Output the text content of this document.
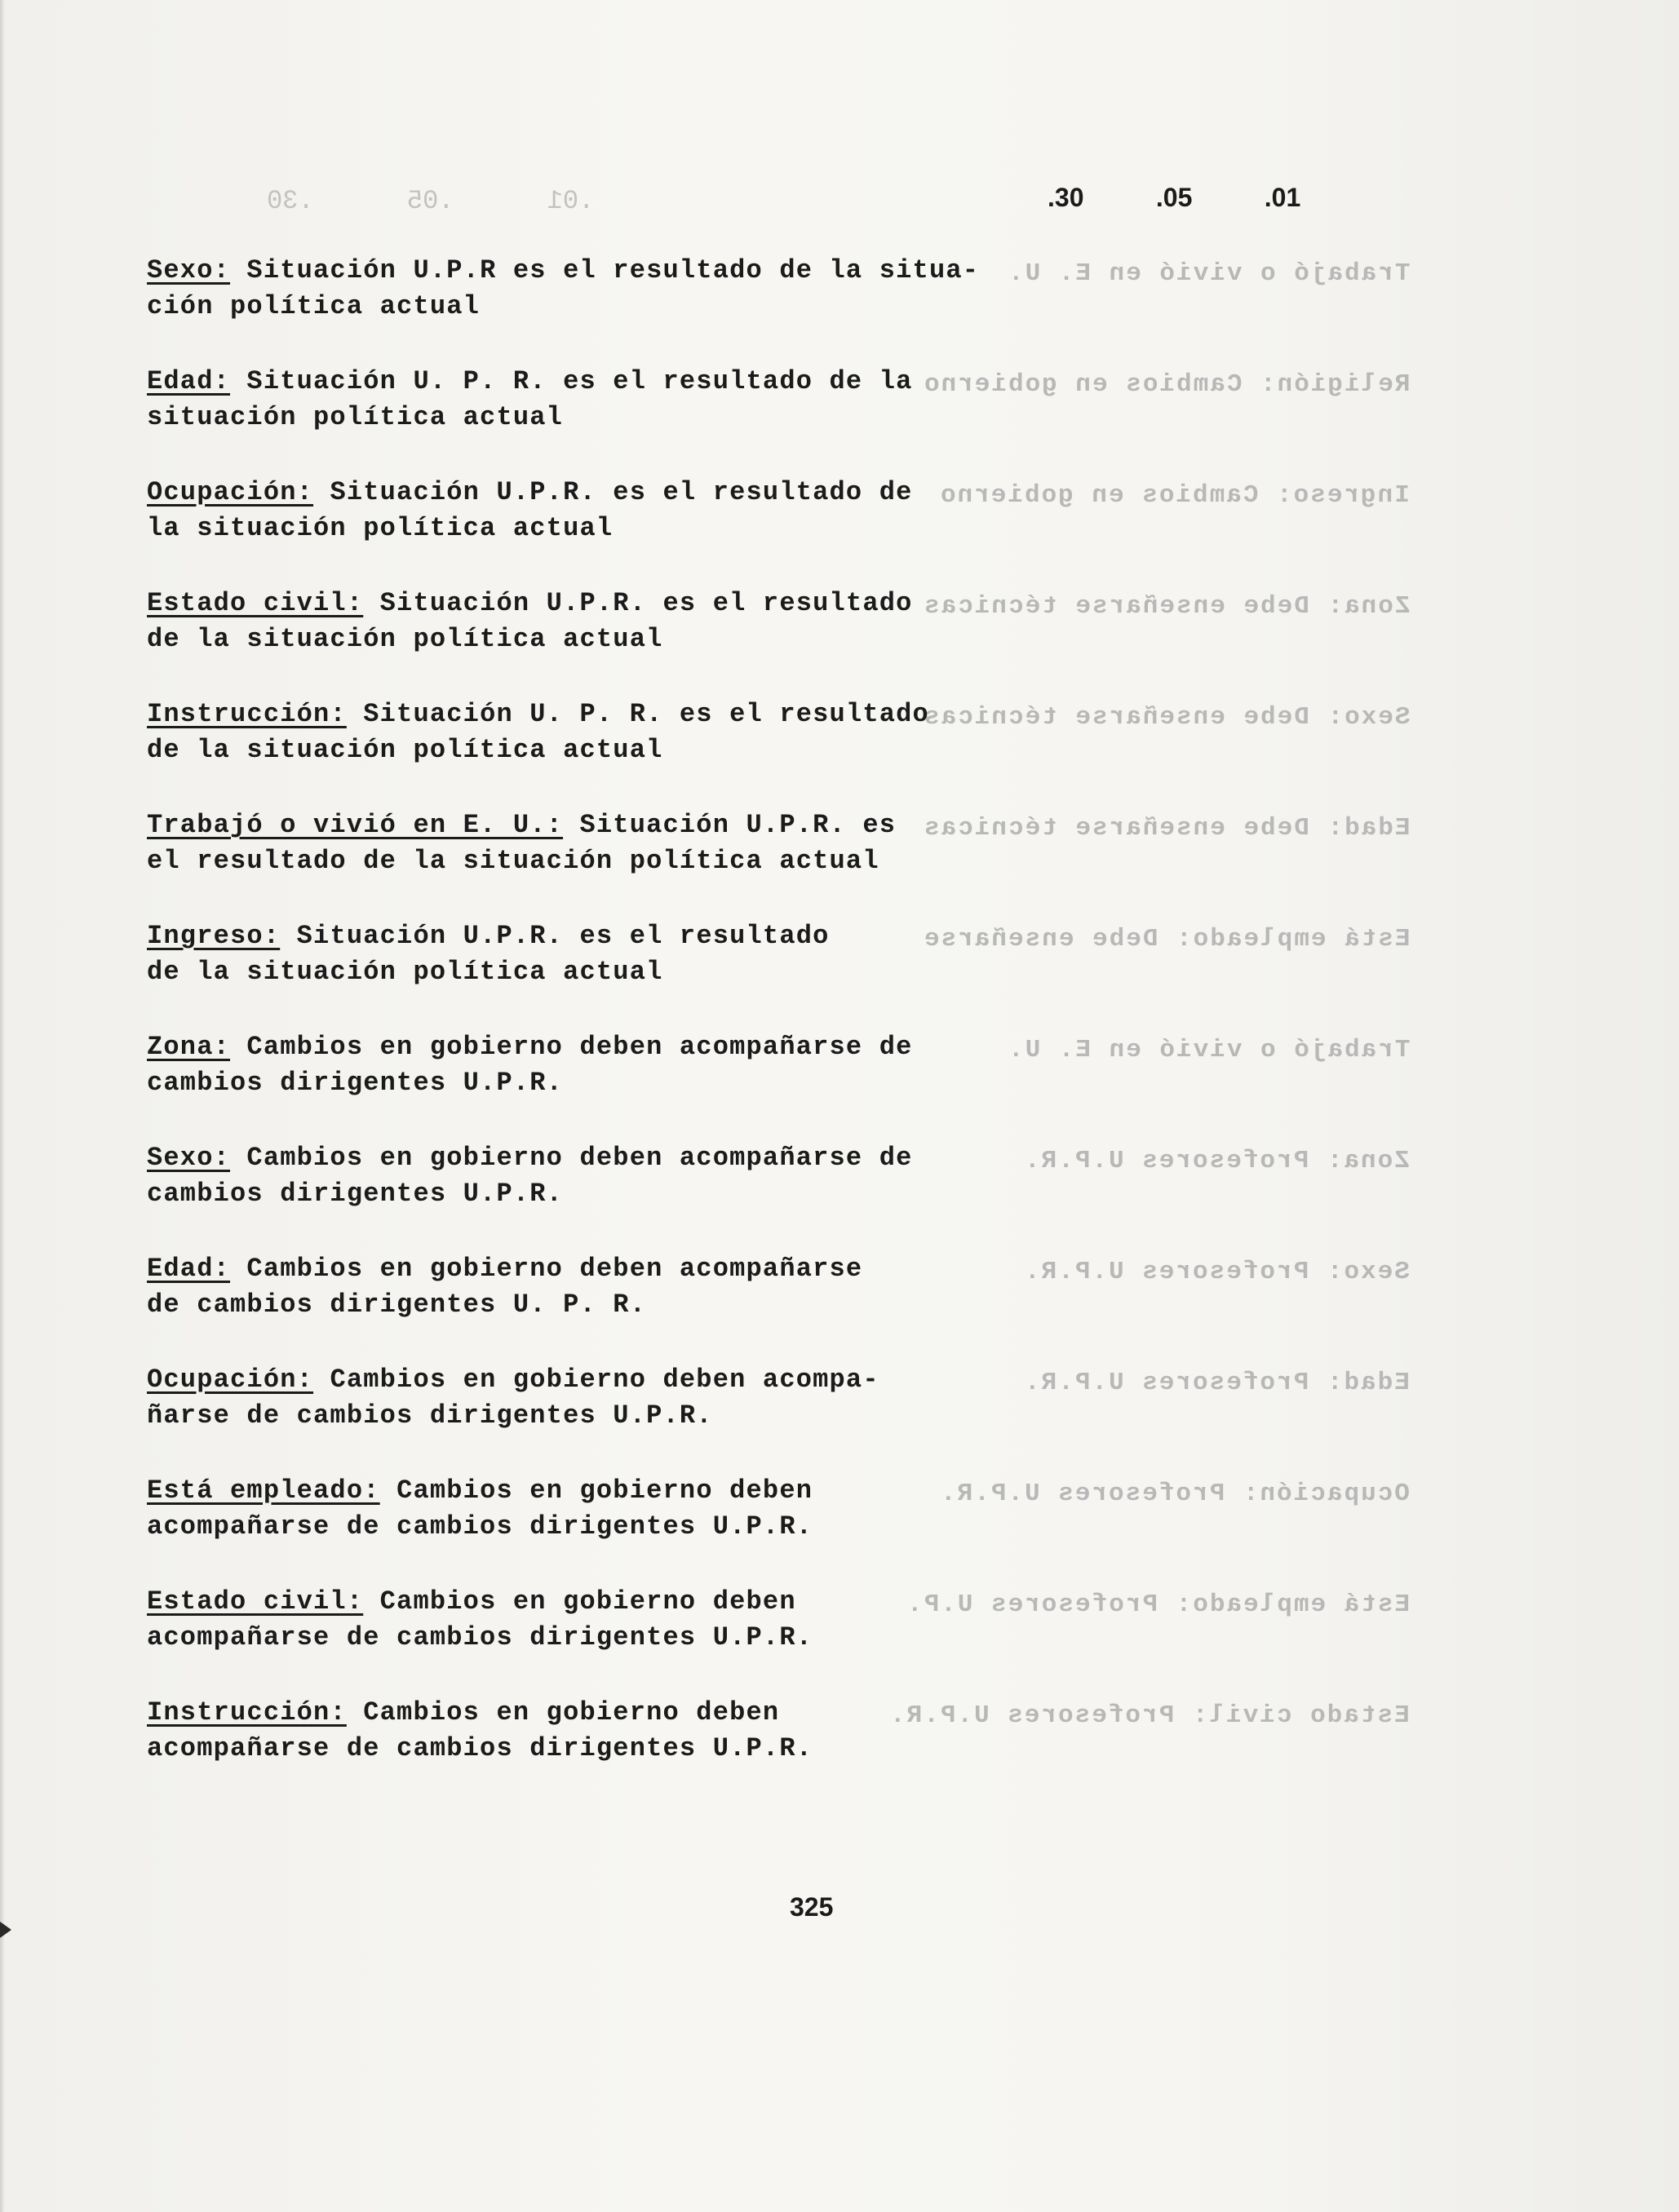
.01 .05 .30
Trabajó o vivió en E. U.
Religión: Cambios en gobierno
Ingreso: Cambios en gobierno
Zona: Debe enseñarse técnicas
Sexo: Debe enseñarse técnicas
Edad: Debe enseñarse técnicas
Está empleado: Debe enseñarse
Trabajó o vivió en E. U.
Zona: Profesores U.P.R.
Sexo: Profesores U.P.R.
Edad: Profesores U.P.R.
Ocupación: Profesores U.P.R.
Está empleado: Profesores U.P.
Estado civil: Profesores U.P.R.
.30	.05	.01
Sexo: Situación U.P.R es el resultado de la situa-
ción política actual
Edad: Situación U. P. R. es el resultado de la
situación política actual
Ocupación: Situación U.P.R. es el resultado de
la situación política actual
Estado civil: Situación U.P.R. es el resultado
de la situación política actual
Instrucción: Situación U. P. R. es el resultado
de la situación política actual
Trabajó o vivió en E. U.: Situación U.P.R. es
el resultado de la situación política actual
Ingreso: Situación U.P.R. es el resultado
de la situación política actual
Zona: Cambios en gobierno deben acompañarse de
cambios dirigentes U.P.R.
Sexo: Cambios en gobierno deben acompañarse de
cambios dirigentes U.P.R.
Edad: Cambios en gobierno deben acompañarse
de cambios dirigentes U. P. R.
Ocupación: Cambios en gobierno deben acompa-
ñarse de cambios dirigentes U.P.R.
Está empleado: Cambios en gobierno deben
acompañarse de cambios dirigentes U.P.R.
Estado civil: Cambios en gobierno deben
acompañarse de cambios dirigentes U.P.R.
Instrucción: Cambios en gobierno deben
acompañarse de cambios dirigentes U.P.R.
325
